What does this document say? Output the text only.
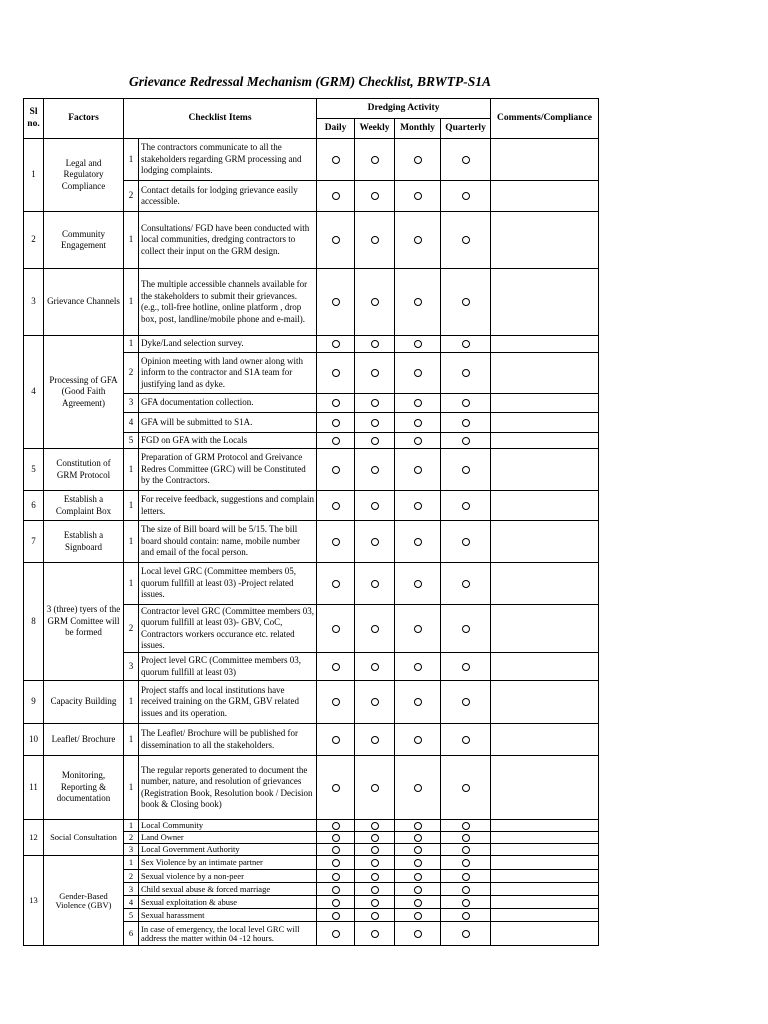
Grievance Redressal Mechanism (GRM) Checklist, BRWTP-S1A
Sl no.	Factors	Checklist Items		Dredging Activity				Comments/Compliance
				Daily	Weekly	Monthly	Quarterly	
1	Legal and Regulatory Compliance	1	The contractors communicate to all the stakeholders regarding GRM processing and lodging complaints.					
		2	Contact details for lodging grievance easily accessible.					
2	Community Engagement	1	Consultations/ FGD have been conducted with local communities, dredging contractors to collect their input on the GRM design.					
3	Grievance Channels	1	The multiple accessible channels available for the stakeholders to submit their grievances. (e.g., toll-free hotline, online platform , drop box, post, landline/mobile phone and e-mail).					
4	Processing of GFA (Good Faith Agreement)	1	Dyke/Land selection survey.					
		2	Opinion meeting with land owner along with inform to the contractor and S1A team for justifying land as dyke.					
		3	GFA documentation collection.					
		4	GFA will be submitted to S1A.					
		5	FGD on GFA with the Locals					
5	Constitution of GRM Protocol	1	Preparation of GRM Protocol and Greivance Redres Committee (GRC) will be Constituted by the Contractors.					
6	Establish a Complaint Box	1	For receive feedback, suggestions and complain letters.					
7	Establish a Signboard	1	The size of Bill board will be 5/15. The bill board should contain: name, mobile number and email of the focal person.					
8	3 (three) tyers of the GRM Comittee will be formed	1	Local level GRC (Committee members 05, quorum fullfill at least 03) -Project related issues.					
		2	Contractor level GRC (Committee members 03, quorum fullfill at least 03)- GBV, CoC, Contractors workers occurance etc. related issues.					
		3	Project level GRC (Committee members 03, quorum fullfill at least 03)					
9	Capacity Building	1	Project staffs and local institutions have received training on the GRM, GBV related issues and its operation.					
10	Leaflet/ Brochure	1	The Leaflet/ Brochure will be published for dissemination to all the stakeholders.					
11	Monitoring, Reporting & documentation	1	The regular reports generated to document the number, nature, and resolution of grievances (Registration Book, Resolution book / Decision book & Closing book)					
12	Social Consultation	1	Local Community					
		2	Land Owner					
		3	Local Government Authority					
13	Gender-Based Violence (GBV)	1	Sex Violence by an intimate partner					
		2	Sexual violence by a non-peer					
		3	Child sexual abuse & forced marriage					
		4	Sexual exploitation & abuse					
		5	Sexual harassment					
		6	In case of emergency, the local level GRC will address the matter within 04 -12 hours.					
